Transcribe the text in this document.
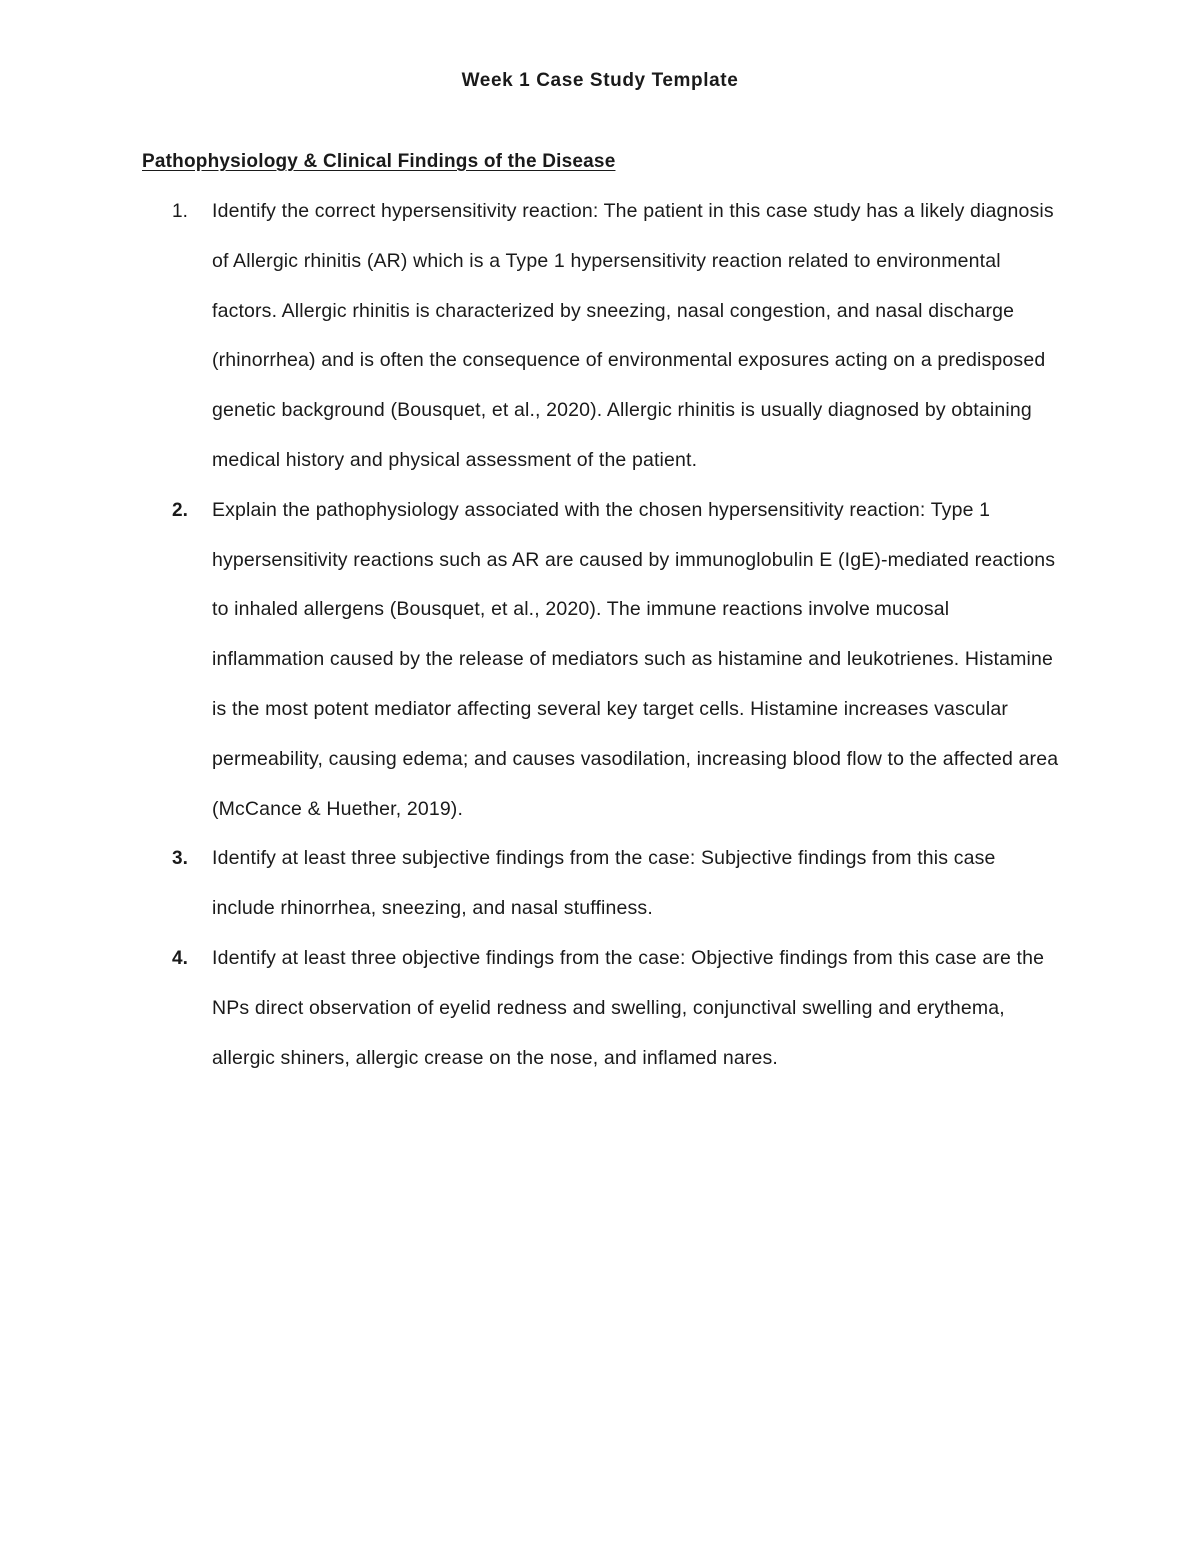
Week 1 Case Study Template
Pathophysiology & Clinical Findings of the Disease
1. Identify the correct hypersensitivity reaction: The patient in this case study has a likely diagnosis of Allergic rhinitis (AR) which is a Type 1 hypersensitivity reaction related to environmental factors. Allergic rhinitis is characterized by sneezing, nasal congestion, and nasal discharge (rhinorrhea) and is often the consequence of environmental exposures acting on a predisposed genetic background (Bousquet, et al., 2020). Allergic rhinitis is usually diagnosed by obtaining medical history and physical assessment of the patient.
2. Explain the pathophysiology associated with the chosen hypersensitivity reaction: Type 1 hypersensitivity reactions such as AR are caused by immunoglobulin E (IgE)-mediated reactions to inhaled allergens (Bousquet, et al., 2020). The immune reactions involve mucosal inflammation caused by the release of mediators such as histamine and leukotrienes. Histamine is the most potent mediator affecting several key target cells. Histamine increases vascular permeability, causing edema; and causes vasodilation, increasing blood flow to the affected area (McCance & Huether, 2019).
3. Identify at least three subjective findings from the case: Subjective findings from this case include rhinorrhea, sneezing, and nasal stuffiness.
4. Identify at least three objective findings from the case: Objective findings from this case are the NPs direct observation of eyelid redness and swelling, conjunctival swelling and erythema, allergic shiners, allergic crease on the nose, and inflamed nares.
